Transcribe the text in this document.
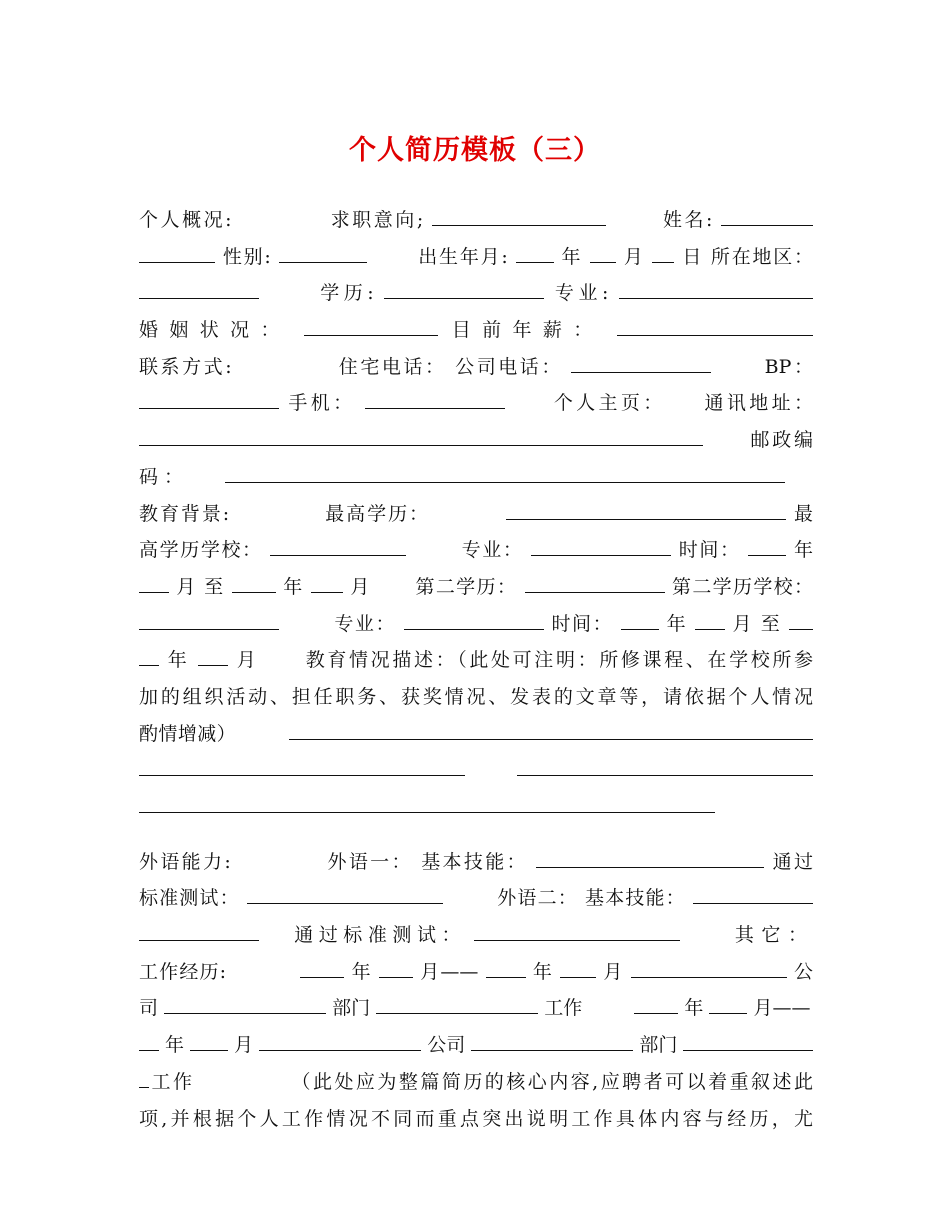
个人简历模板（三）
个人概况:	求职意向;	姓名:
性别:	出生年月:	年 月 日 所在地区：
学历:	专业:
婚姻状况：	目前年薪：
联系方式:	住宅电话： 公司电话：	BP：
手机：	个人主页： 通讯地址：
邮政编
码 ：
教育背景:	最高学历：	最
高学历学校：	专业：	时间：	年
月 至	年 月 第二学历：	第二学历学校：
专业：	时间：	年 月 至
年 月 教育情况描述：（此处可注明：所修课程、在学校所参
加的组织活动、担任职务、获奖情况、发表的文章等，请依据个人情况
酌情增减）

外语能力:	外语一： 基本技能：	通过
标准测试：	外语二： 基本技能：
通过标准测试：	其它：
工作经历:	年	月——	年	月	公
司	部门	工作	年	月——
年	月	公司	部门
工作	（此处应为整篇简历的核心内容,应聘者可以着重叙述此
项,并根据个人工作情况不同而重点突出说明工作具体内容与经历，尤
